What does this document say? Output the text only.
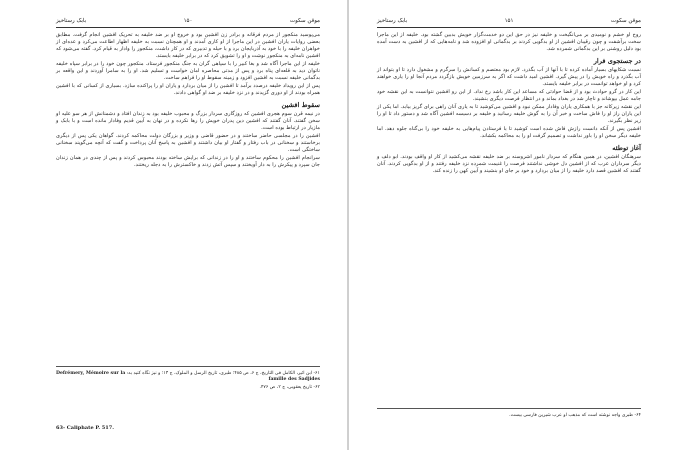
موقن سکوت
۱۵۰
بابک رستاخیز

می‌پوسید منکجور از مردم فرقانه و برادر زن افشین بود و خروج او بر ضد خلیفه به تحریک افشین انجام گرفت. مطابق بعضی روایات یاران افشین در این ماجرا از او کاری آمدند و او همچنان نسبت به خلیفه اظهار اطاعت می‌کرد و عده‌ای از خواهران خلیفه را با خود به آذربایجان برد و با حیله و تدبیری که در کار داشت، منکجور را وادار به قیام کرد. گفته می‌شود که افشین نامه‌ای به منکجور نوشت و او را تشویق کرد که در برابر خلیفه بایستد.

خلیفه از این ماجرا آگاه شد و بغا کبیر را با سپاهی گران به جنگ منکجور فرستاد. منکجور چون خود را در برابر سپاه خلیفه ناتوان دید به قلعه‌ای پناه برد و پس از مدتی محاصره امان خواست و تسلیم شد. او را به سامرا آوردند و این واقعه بر بدگمانی خلیفه نسبت به افشین افزود و زمینه سقوط او را فراهم ساخت.

پس از این رویداد خلیفه درصدد برآمد تا افشین را از میان بردارد و یاران او را پراکنده سازد. بسیاری از کسانی که با افشین همراه بودند از او دوری گزیدند و در نزد خلیفه بر ضد او گواهی دادند.

سقوط افشین

در نیمه قرن سوم هجری افشین که روزگاری سردار بزرگ و محبوب خلیفه بود به زندان افتاد و دشمنانش از هر سو علیه او سخن گفتند. آنان گفتند که افشین دین پدران خویش را رها نکرده و در نهان به آیین قدیم وفادار مانده است و با بابک و مازیار در ارتباط بوده است.

افشین را در مجلسی حاضر ساختند و در حضور قاضی و وزیر و بزرگان دولت محاکمه کردند. گواهان یکی پس از دیگری برخاستند و سخنانی در باب رفتار و گفتار او بیان داشتند و افشین به پاسخ آنان پرداخت و گفت که آنچه می‌گویند سخنانی ساختگی است.

سرانجام افشین را محکوم ساختند و او را در زندانی که برایش ساخته بودند محبوس کردند و پس از چندی در همان زندان جان سپرد و پیکرش را به دار آویختند و سپس آتش زدند و خاکسترش را به دجله ریختند.

۶۱- ابن اثیر، الکامل فی التاریخ، ج ۶، ص ۴۸۵؛ طبری، تاریخ الرسل و الملوک، ج ۱۳؛ و نیز نگاه کنید به: Defrémery, Mémoire sur la famille des Sadjides
۶۲- تاریخ یعقوبی، ج ۲، ص ۴۷۶.
63- Caliphate P. 517.
موقن سکوت
۱۵۱
بابک رستاخیز

روح او خشم و نومیدی بر می‌انگیخت و خلیفه نیز در حق این دو خدمت‌گزار خویش بدبین گشته بود. خلیفه از این ماجرا سخت برآشفت و چون رقیبان افشین از او بدگویی کردند بر بدگمانی او افزوده شد و نامه‌هایی که از افشین به دست آمده بود دلیل روشنی بر این بدگمانی شمرده شد.

در جستجوی فرار

نسبت شکایهای بسیار آماده کرده تا با آنها از آب بگذرد. لازم بود معتصم و کسانش را سرگرم و مشغول دارد تا او بتواند از آب بگذرد و راه خویش را در پیش گیرد. افشین امید داشت که اگر به سرزمین خویش بازگردد مردم آنجا او را یاری خواهند کرد و او خواهد توانست در برابر خلیفه بایستد.

این کار در گرو حوادث بود و از قضا حوادثی که مساعد این کار باشد رخ نداد. از این رو افشین نتوانست به این نقشه خود جامه عمل بپوشاند و ناچار شد در بغداد بماند و در انتظار فرصت دیگری بنشیند.

این نقشه زیرکانه جز با همکاری یاران وفادار ممکن نبود و افشین می‌کوشید تا به یاری آنان راهی برای گریز بیابد. اما یکی از این یاران راز او را فاش ساخت و خبر آن را به گوش خلیفه رسانید و خلیفه بر دسیسه افشین آگاه شد و دستور داد تا او را زیر نظر بگیرند.

افشین پس از آنکه دانست رازش فاش شده است کوشید تا با فرستادن پیام‌هایی به خلیفه خود را بی‌گناه جلوه دهد. اما خلیفه دیگر سخن او را باور نداشت و تصمیم گرفت او را به محاکمه بکشاند.

آغاز توطئه

سرهنگان افشین، در همین هنگام که سردار نامور اشروسنه بر ضد خلیفه نقشه می‌کشید از کار او واقف بودند. ابو دلف و دیگر سرداران عرب که از افشین دل خوشی نداشتند فرصت را غنیمت شمرده نزد خلیفه رفتند و از او بدگویی کردند. آنان گفتند که افشین قصد دارد خلیفه را از میان بردارد و خود بر جای او بنشیند و آیین کهن را زنده کند.

۶۴- طبری واجه نوشته است که مذهب او عرب شیرین فارسی بیست.
